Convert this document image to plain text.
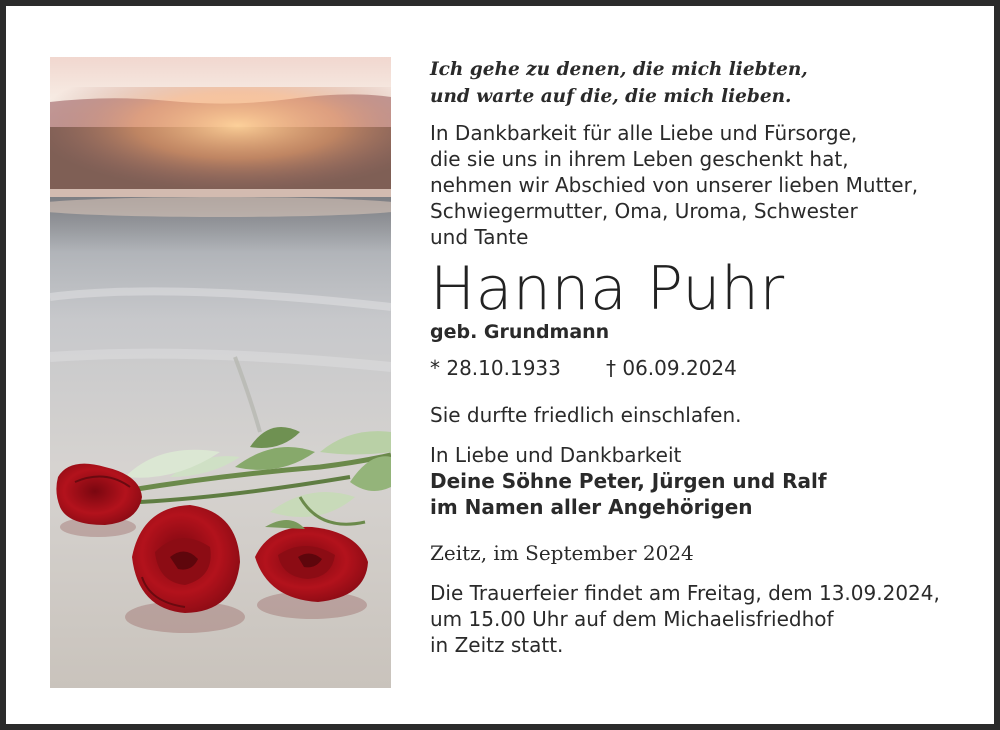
Ich gehe zu denen, die mich liebten,
und warte auf die, die mich lieben.
In Dankbarkeit für alle Liebe und Fürsorge,
die sie uns in ihrem Leben geschenkt hat,
nehmen wir Abschied von unserer lieben Mutter,
Schwiegermutter, Oma, Uroma, Schwester
und Tante
Hanna Puhr
geb. Grundmann
* 28.10.1933 † 06.09.2024
Sie durfte friedlich einschlafen.
In Liebe und Dankbarkeit
Deine Söhne Peter, Jürgen und Ralf
im Namen aller Angehörigen
Zeitz, im September 2024
Die Trauerfeier findet am Freitag, dem 13.09.2024,
um 15.00 Uhr auf dem Michaelisfriedhof
in Zeitz statt.
